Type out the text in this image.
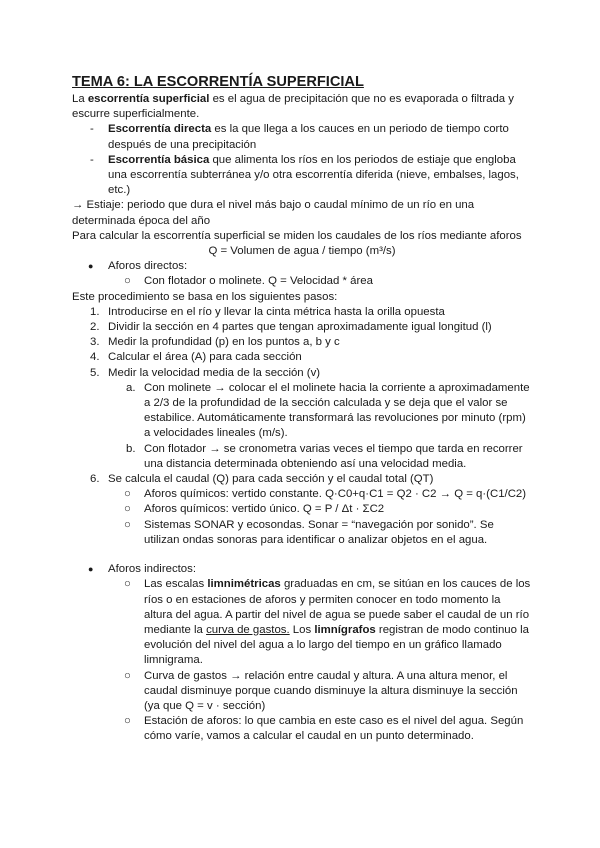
TEMA 6: LA ESCORRENTÍA SUPERFICIAL

La escorrentía superficial es el agua de precipitación que no es evaporada o filtrada y escurre superficialmente.

- Escorrentía directa es la que llega a los cauces en un periodo de tiempo corto después de una precipitación
- Escorrentía básica que alimenta los ríos en los periodos de estiaje que engloba una escorrentía subterránea y/o otra escorrentía diferida (nieve, embalses, lagos, etc.)

→ Estiaje: periodo que dura el nivel más bajo o caudal mínimo de un río en una determinada época del año

Para calcular la escorrentía superficial se miden los caudales de los ríos mediante aforos

Q = Volumen de agua / tiempo (m³/s)

● Aforos directos:
○ Con flotador o molinete. Q = Velocidad * área

Este procedimiento se basa en los siguientes pasos:

1. Introducirse en el río y llevar la cinta métrica hasta la orilla opuesta
2. Dividir la sección en 4 partes que tengan aproximadamente igual longitud (l)
3. Medir la profundidad (p) en los puntos a, b y c
4. Calcular el área (A) para cada sección
5. Medir la velocidad media de la sección (v)
a. Con molinete → colocar el el molinete hacia la corriente a aproximadamente a 2/3 de la profundidad de la sección calculada y se deja que el valor se estabilice. Automáticamente transformará las revoluciones por minuto (rpm) a velocidades lineales (m/s).
b. Con flotador → se cronometra varias veces el tiempo que tarda en recorrer una distancia determinada obteniendo así una velocidad media.
6. Se calcula el caudal (Q) para cada sección y el caudal total (QT)
○ Aforos químicos: vertido constante. Q·C0+q·C1 = Q2 · C2 → Q = q·(C1/C2)
○ Aforos químicos: vertido único. Q = P / Δt · ΣC2
○ Sistemas SONAR y ecosondas. Sonar = “navegación por sonido”. Se utilizan ondas sonoras para identificar o analizar objetos en el agua.
● Aforos indirectos:
○ Las escalas limnimétricas graduadas en cm, se sitúan en los cauces de los ríos o en estaciones de aforos y permiten conocer en todo momento la altura del agua. A partir del nivel de agua se puede saber el caudal de un río mediante la curva de gastos. Los limnígrafos registran de modo continuo la evolución del nivel del agua a lo largo del tiempo en un gráfico llamado limnigrama.
○ Curva de gastos → relación entre caudal y altura. A una altura menor, el caudal disminuye porque cuando disminuye la altura disminuye la sección (ya que Q = v · sección)
○ Estación de aforos: lo que cambia en este caso es el nivel del agua. Según cómo varíe, vamos a calcular el caudal en un punto determinado.
